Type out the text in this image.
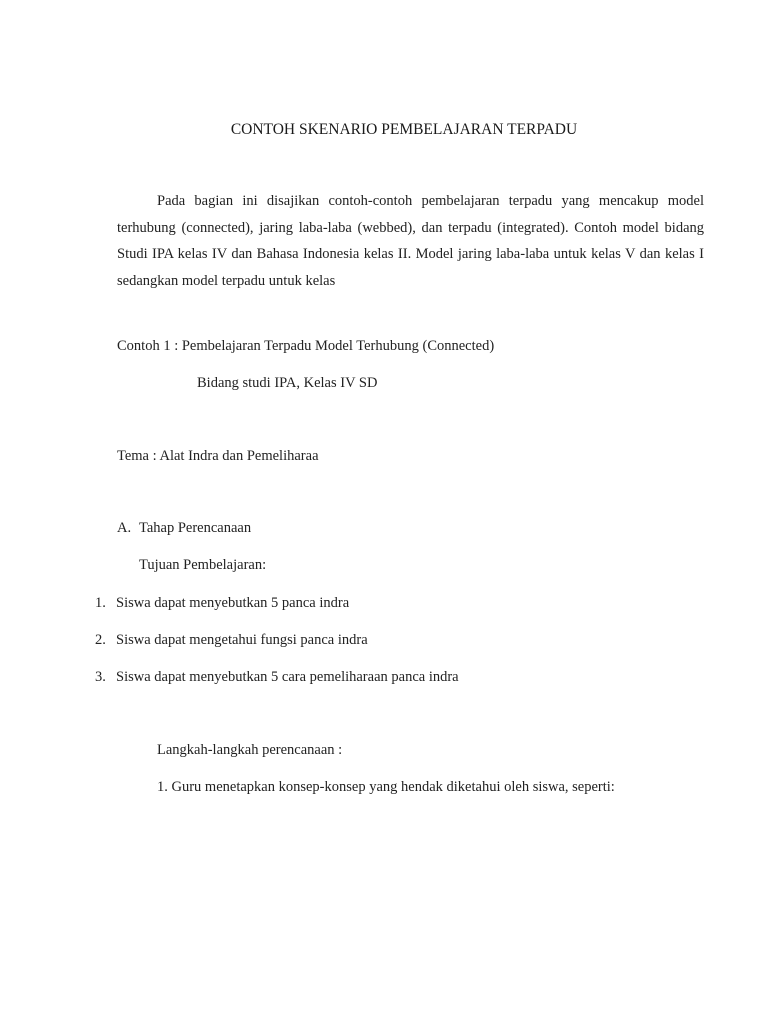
CONTOH SKENARIO PEMBELAJARAN TERPADU

Pada bagian ini disajikan contoh-contoh pembelajaran terpadu yang mencakup model terhubung (connected), jaring laba-laba (webbed), dan terpadu (integrated). Contoh model bidang Studi IPA kelas IV dan Bahasa Indonesia kelas II. Model jaring laba-laba untuk kelas V dan kelas I sedangkan model terpadu untuk kelas

Contoh 1 : Pembelajaran Terpadu Model Terhubung (Connected)
Bidang studi IPA, Kelas IV SD
Tema : Alat Indra dan Pemeliharaa
A. Tahap Perencanaan
Tujuan Pembelajaran:
1. Siswa dapat menyebutkan 5 panca indra
2. Siswa dapat mengetahui fungsi panca indra
3. Siswa dapat menyebutkan 5 cara pemeliharaan panca indra
Langkah-langkah perencanaan :
1. Guru menetapkan konsep-konsep yang hendak diketahui oleh siswa, seperti:
